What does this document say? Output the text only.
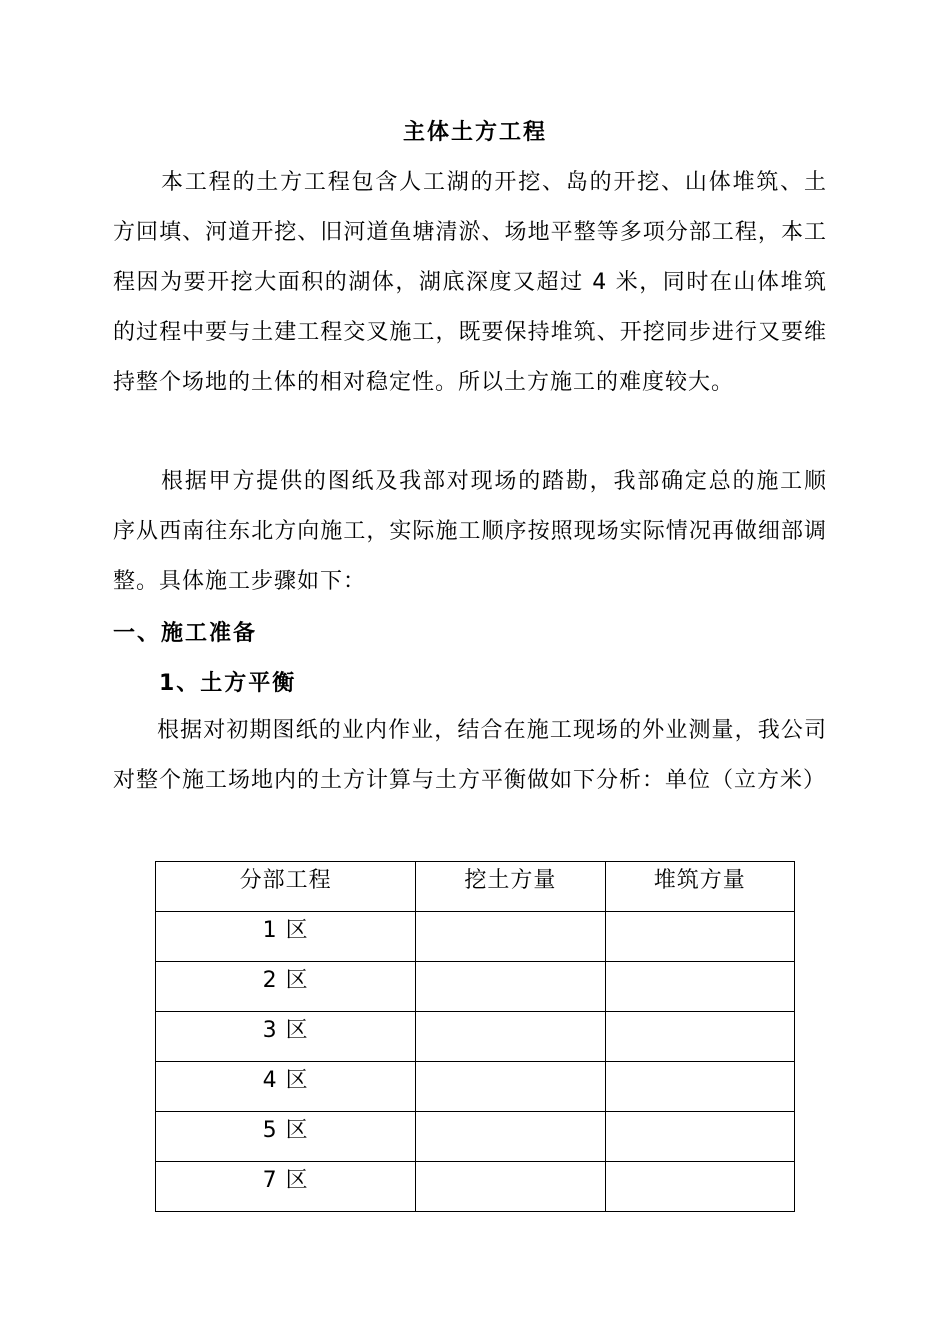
主体土方工程
本工程的土方工程包含人工湖的开挖、岛的开挖、山体堆筑、土方回填、河道开挖、旧河道鱼塘清淤、场地平整等多项分部工程，本工程因为要开挖大面积的湖体，湖底深度又超过 4 米，同时在山体堆筑的过程中要与土建工程交叉施工，既要保持堆筑、开挖同步进行又要维持整个场地的土体的相对稳定性。所以土方施工的难度较大。
根据甲方提供的图纸及我部对现场的踏勘，我部确定总的施工顺序从西南往东北方向施工，实际施工顺序按照现场实际情况再做细部调整。具体施工步骤如下：
一、施工准备
1、土方平衡
根据对初期图纸的业内作业，结合在施工现场的外业测量，我公司对整个施工场地内的土方计算与土方平衡做如下分析：单位（立方米）
分部工程	挖土方量	堆筑方量
1 区		
2 区		
3 区		
4 区		
5 区		
7 区		
